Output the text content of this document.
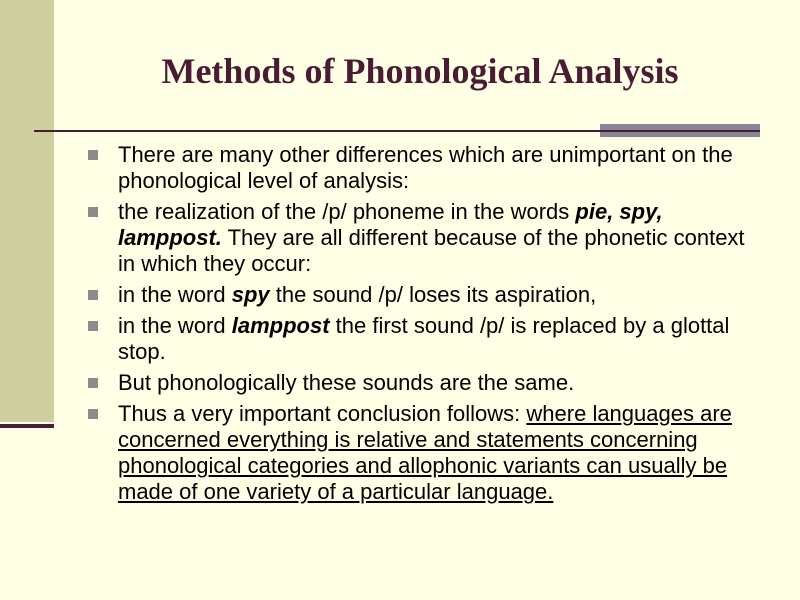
Methods of Phonological Analysis
There are many other differences which are unimportant on the phonological level of analysis:
the realization of the /p/ phoneme in the words pie, spy, lamppost. They are all different because of the phonetic context in which they occur:
in the word spy the sound /p/ loses its aspiration,
in the word lamppost the first sound /p/ is replaced by a glottal stop.
But phonologically these sounds are the same.
Thus a very important conclusion follows: where languages are concerned everything is relative and statements concerning phonological categories and allophonic variants can usually be made of one variety of a particular language.
